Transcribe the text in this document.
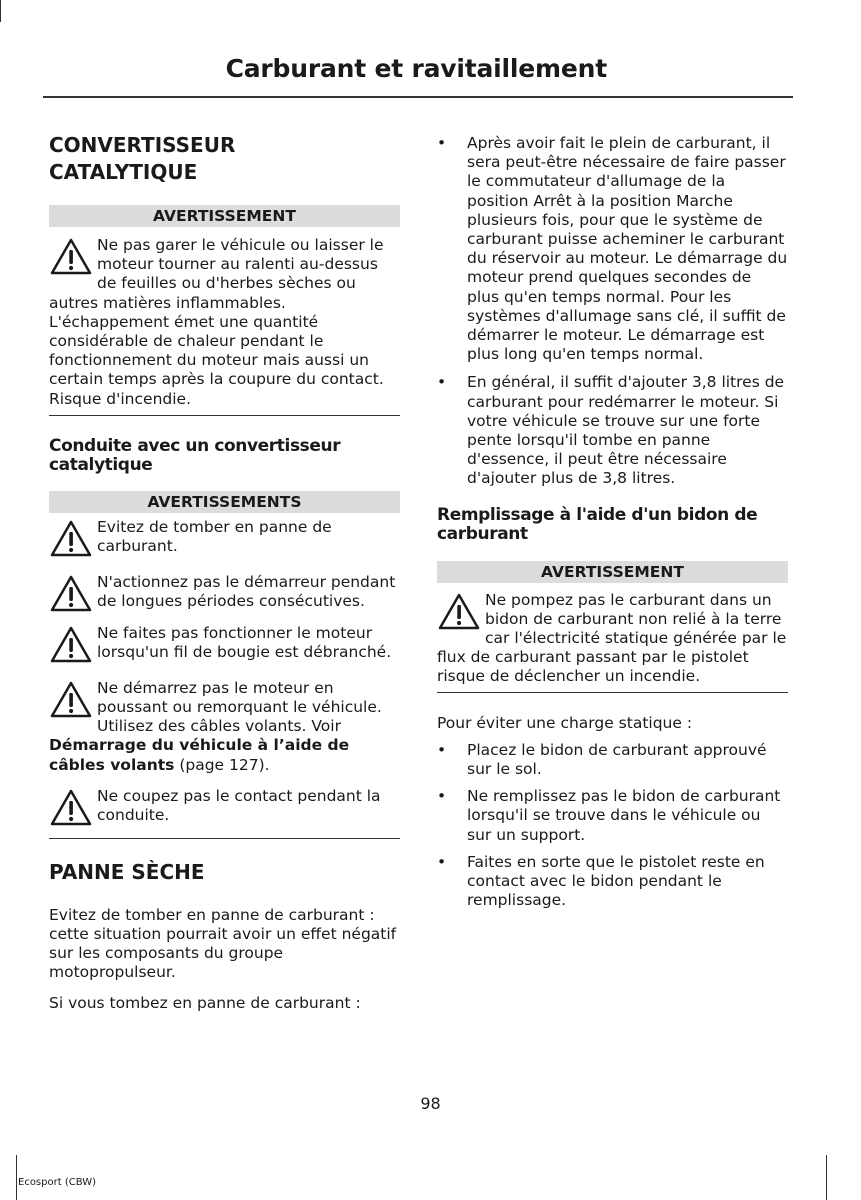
Carburant et ravitaillement
CONVERTISSEUR CATALYTIQUE
AVERTISSEMENT
Ne pas garer le véhicule ou laisser le moteur tourner au ralenti au-dessus de feuilles ou d'herbes sèches ou autres matières inflammables. L'échappement émet une quantité considérable de chaleur pendant le fonctionnement du moteur mais aussi un certain temps après la coupure du contact. Risque d'incendie.
Conduite avec un convertisseur catalytique
AVERTISSEMENTS
Evitez de tomber en panne de carburant.
N'actionnez pas le démarreur pendant de longues périodes consécutives.
Ne faites pas fonctionner le moteur lorsqu'un fil de bougie est débranché.
Ne démarrez pas le moteur en poussant ou remorquant le véhicule. Utilisez des câbles volants. Voir Démarrage du véhicule à l’aide de câbles volants (page 127).
Ne coupez pas le contact pendant la conduite.
PANNE SÈCHE

Evitez de tomber en panne de carburant : cette situation pourrait avoir un effet négatif sur les composants du groupe motopropulseur.

Si vous tombez en panne de carburant :

• Après avoir fait le plein de carburant, il sera peut-être nécessaire de faire passer le commutateur d'allumage de la position Arrêt à la position Marche plusieurs fois, pour que le système de carburant puisse acheminer le carburant du réservoir au moteur. Le démarrage du moteur prend quelques secondes de plus qu'en temps normal. Pour les systèmes d'allumage sans clé, il suffit de démarrer le moteur. Le démarrage est plus long qu'en temps normal.
• En général, il suffit d'ajouter 3,8 litres de carburant pour redémarrer le moteur. Si votre véhicule se trouve sur une forte pente lorsqu'il tombe en panne d'essence, il peut être nécessaire d'ajouter plus de 3,8 litres.
Remplissage à l'aide d'un bidon de carburant
AVERTISSEMENT
Ne pompez pas le carburant dans un bidon de carburant non relié à la terre car l'électricité statique générée par le flux de carburant passant par le pistolet risque de déclencher un incendie.

Pour éviter une charge statique :

• Placez le bidon de carburant approuvé sur le sol.
• Ne remplissez pas le bidon de carburant lorsqu'il se trouve dans le véhicule ou sur un support.
• Faites en sorte que le pistolet reste en contact avec le bidon pendant le remplissage.
98
Ecosport (CBW)
